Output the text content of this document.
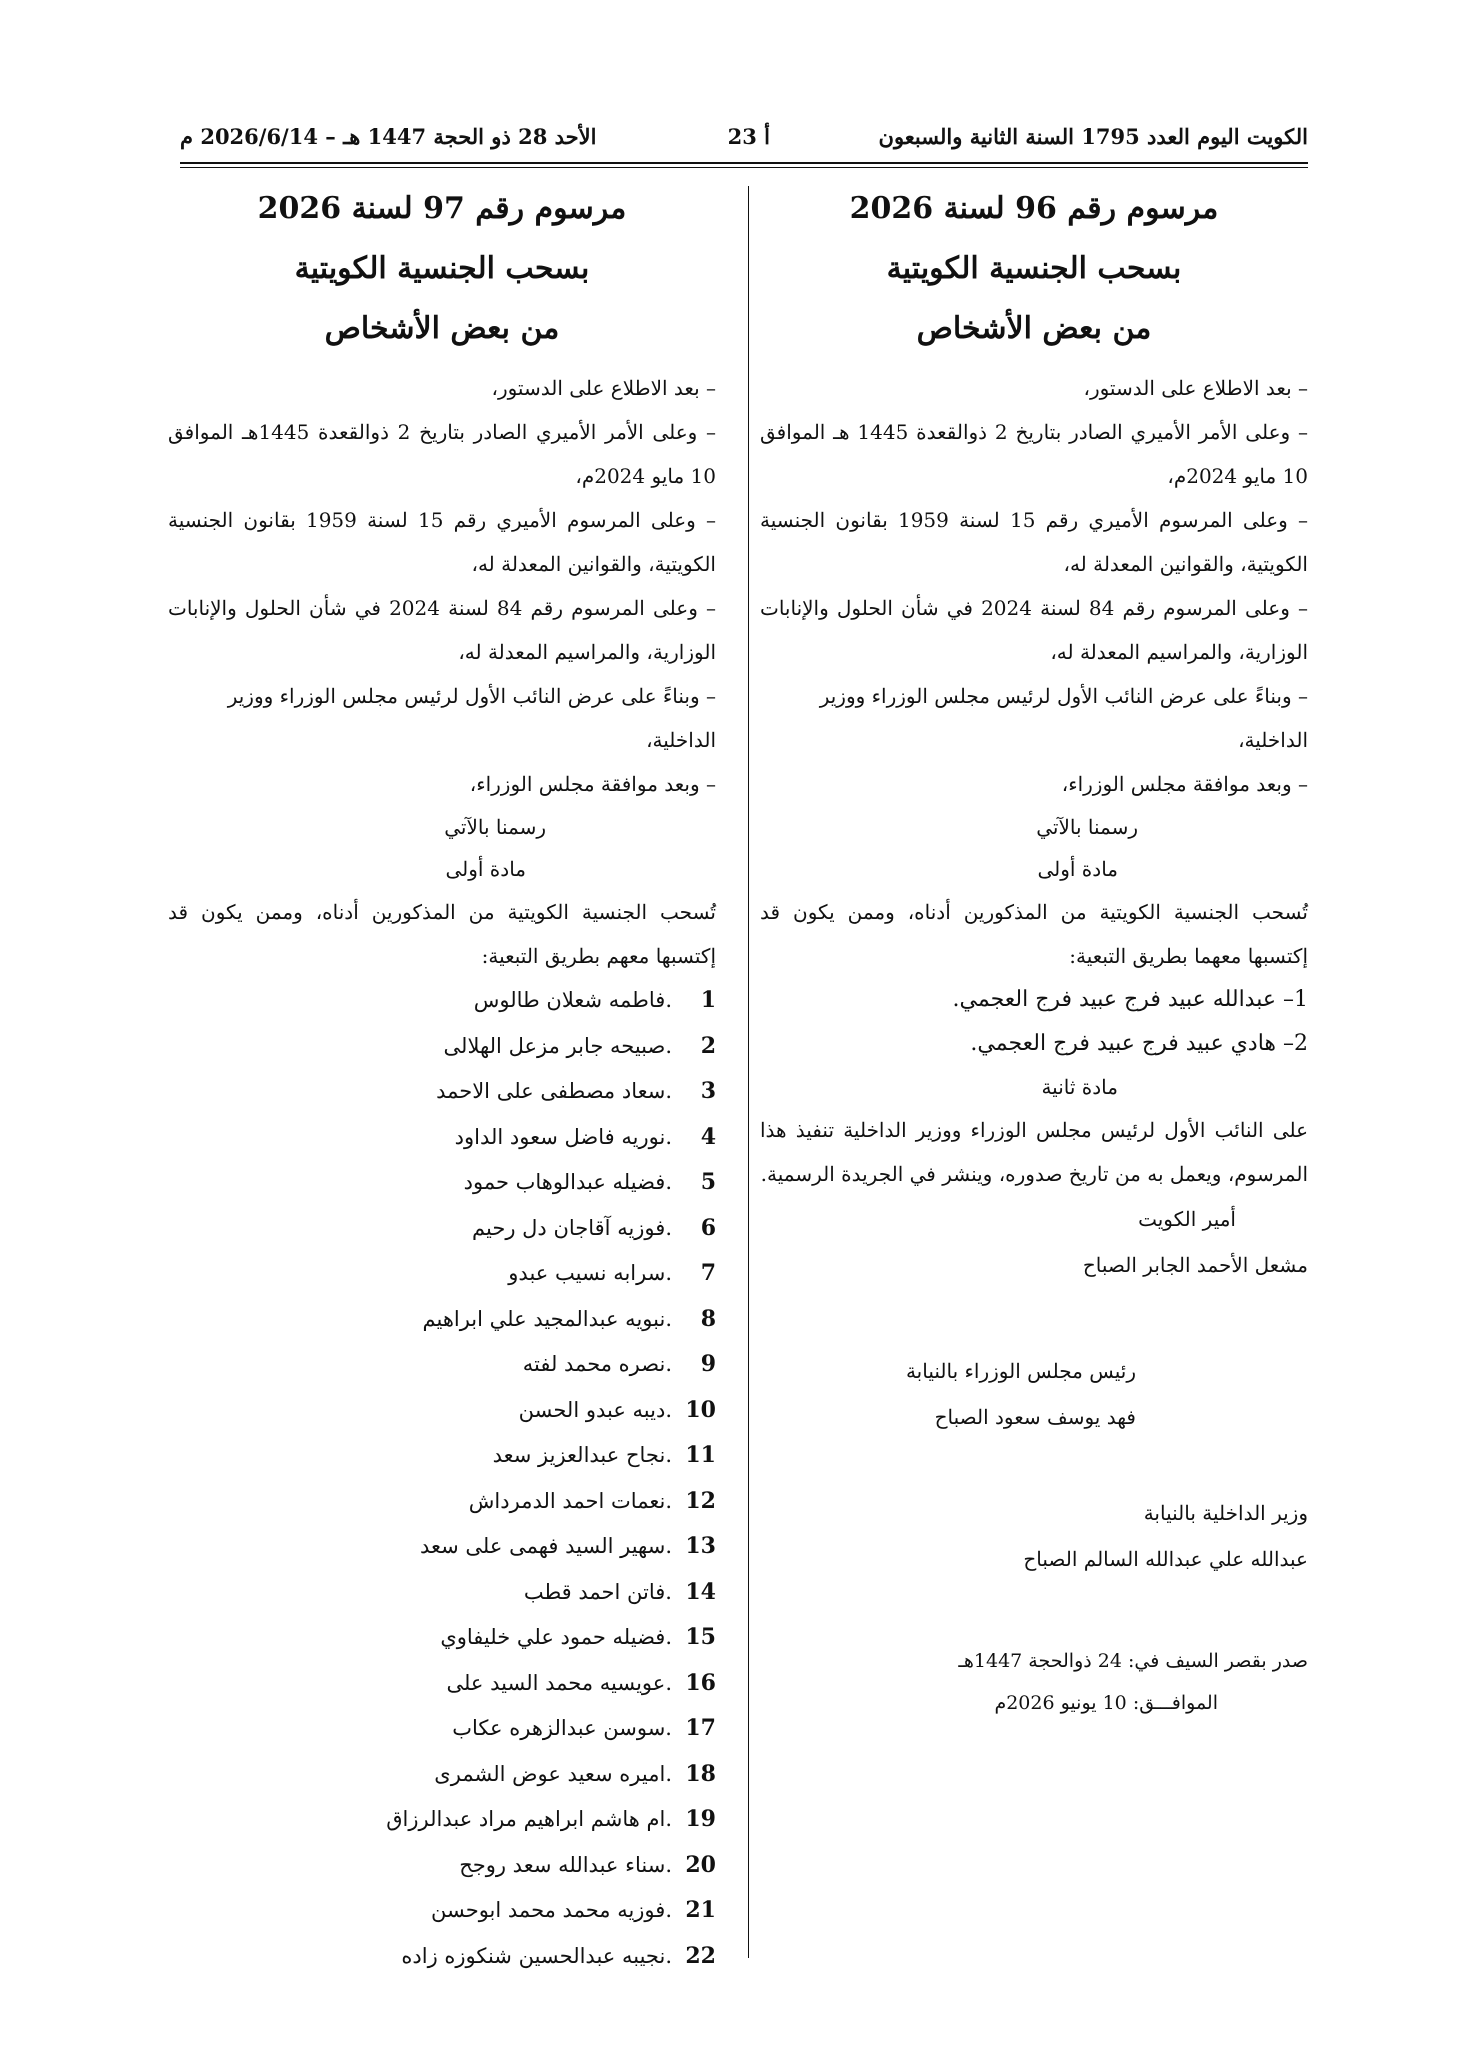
الكويت اليوم العدد 1795 السنة الثانية والسبعون
أ 23
الأحد 28 ذو الحجة 1447 هـ – 2026/6/14 م
مرسوم رقم 96 لسنة 2026
بسحب الجنسية الكويتية
من بعض الأشخاص
– بعد الاطلاع على الدستور،
– وعلى الأمر الأميري الصادر بتاريخ 2 ذوالقعدة 1445 هـ الموافق 10 مايو 2024م،
– وعلى المرسوم الأميري رقم 15 لسنة 1959 بقانون الجنسية الكويتية، والقوانين المعدلة له،
– وعلى المرسوم رقم 84 لسنة 2024 في شأن الحلول والإنابات الوزارية، والمراسيم المعدلة له،
– وبناءً على عرض النائب الأول لرئيس مجلس الوزراء ووزير الداخلية،
– وبعد موافقة مجلس الوزراء،
رسمنا بالآتي
مادة أولى
تُسحب الجنسية الكويتية من المذكورين أدناه، وممن يكون قد إكتسبها معهما بطريق التبعية:
1– عبدالله عبيد فرج عبيد فرج العجمي.
2– هادي عبيد فرج عبيد فرج العجمي.
مادة ثانية
على النائب الأول لرئيس مجلس الوزراء ووزير الداخلية تنفيذ هذا المرسوم، ويعمل به من تاريخ صدوره، وينشر في الجريدة الرسمية.
أمير الكويت
مشعل الأحمد الجابر الصباح
رئيس مجلس الوزراء بالنيابة
فهد يوسف سعود الصباح
وزير الداخلية بالنيابة
عبدالله علي عبدالله السالم الصباح
صدر بقصر السيف في: 24 ذوالحجة 1447هـ
الموافـــق: 10 يونيو 2026م
مرسوم رقم 97 لسنة 2026
بسحب الجنسية الكويتية
من بعض الأشخاص
– بعد الاطلاع على الدستور،
– وعلى الأمر الأميري الصادر بتاريخ 2 ذوالقعدة 1445هـ الموافق 10 مايو 2024م،
– وعلى المرسوم الأميري رقم 15 لسنة 1959 بقانون الجنسية الكويتية، والقوانين المعدلة له،
– وعلى المرسوم رقم 84 لسنة 2024 في شأن الحلول والإنابات الوزارية، والمراسيم المعدلة له،
– وبناءً على عرض النائب الأول لرئيس مجلس الوزراء ووزير الداخلية،
– وبعد موافقة مجلس الوزراء،
رسمنا بالآتي
مادة أولى
تُسحب الجنسية الكويتية من المذكورين أدناه، وممن يكون قد إكتسبها معهم بطريق التبعية:
1.فاطمه شعلان طالوس
2.صبيحه جابر مزعل الهلالى
3.سعاد مصطفى على الاحمد
4.نوريه فاضل سعود الداود
5.فضيله عبدالوهاب حمود
6.فوزيه آقاجان دل رحيم
7.سرابه نسيب عبدو
8.نبويه عبدالمجيد علي ابراهيم
9.نصره محمد لفته
10.ديبه عبدو الحسن
11.نجاح عبدالعزيز سعد
12.نعمات احمد الدمرداش
13.سهير السيد فهمى على سعد
14.فاتن احمد قطب
15.فضيله حمود علي خليفاوي
16.عويسيه محمد السيد على
17.سوسن عبدالزهره عكاب
18.اميره سعيد عوض الشمرى
19.ام هاشم ابراهيم مراد عبدالرزاق
20.سناء عبدالله سعد روجح
21.فوزيه محمد محمد ابوحسن
22.نجيبه عبدالحسين شنكوزه زاده
